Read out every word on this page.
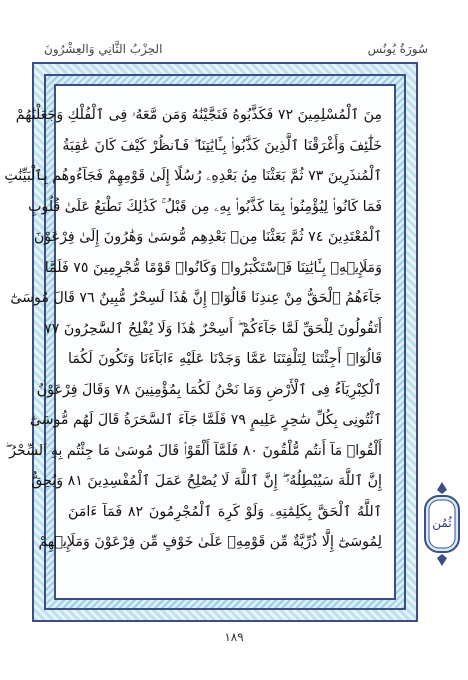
سُورَةُ يُونُس
الحِزْبُ الثَّانِي وَالعِشْرُونَ
مِنَ ٱلْمُسْلِمِينَ ٧٢ فَكَذَّبُوهُ فَنَجَّيْنَٰهُ وَمَن مَّعَهُۥ فِى ٱلْفُلْكِ وَجَعَلْنَٰهُمْ
خَلَٰٓئِفَ وَأَغْرَقْنَا ٱلَّذِينَ كَذَّبُوا۟ بِـَٔايَٰتِنَا ۖ فَٱنظُرْ كَيْفَ كَانَ عَٰقِبَةُ
ٱلْمُنذَرِينَ ٧٣ ثُمَّ بَعَثْنَا مِنۢ بَعْدِهِۦ رُسُلًا إِلَىٰ قَوْمِهِمْ فَجَآءُوهُم بِٱلْبَيِّنَٰتِ
فَمَا كَانُوا۟ لِيُؤْمِنُوا۟ بِمَا كَذَّبُوا۟ بِهِۦ مِن قَبْلُ ۚ كَذَٰلِكَ نَطْبَعُ عَلَىٰ قُلُوبِ
ٱلْمُعْتَدِينَ ٧٤ ثُمَّ بَعَثْنَا مِنۢ بَعْدِهِم مُّوسَىٰ وَهَٰرُونَ إِلَىٰ فِرْعَوْنَ
وَمَلَإِي۟هِۦ بِـَٔايَٰتِنَا فَٱسْتَكْبَرُوا۟ وَكَانُوا۟ قَوْمًا مُّجْرِمِينَ ٧٥ فَلَمَّا
جَآءَهُمُ ٱلْحَقُّ مِنْ عِندِنَا قَالُوٓا۟ إِنَّ هَٰذَا لَسِحْرٌ مُّبِينٌ ٧٦ قَالَ مُوسَىٰٓ
أَتَقُولُونَ لِلْحَقِّ لَمَّا جَآءَكُمْ ۖ أَسِحْرٌ هَٰذَا وَلَا يُفْلِحُ ٱلسَّٰحِرُونَ ٧٧
قَالُوٓا۟ أَجِئْتَنَا لِتَلْفِتَنَا عَمَّا وَجَدْنَا عَلَيْهِ ءَابَآءَنَا وَتَكُونَ لَكُمَا
ٱلْكِبْرِيَآءُ فِى ٱلْأَرْضِ وَمَا نَحْنُ لَكُمَا بِمُؤْمِنِينَ ٧٨ وَقَالَ فِرْعَوْنُ
ٱئْتُونِى بِكُلِّ سَٰحِرٍ عَلِيمٍ ٧٩ فَلَمَّا جَآءَ ٱلسَّحَرَةُ قَالَ لَهُم مُّوسَىٰٓ
أَلْقُوا۟ مَآ أَنتُم مُّلْقُونَ ٨٠ فَلَمَّآ أَلْقَوْا۟ قَالَ مُوسَىٰ مَا جِئْتُم بِهِ ٱلسِّحْرُ ۖ
إِنَّ ٱللَّهَ سَيُبْطِلُهُۥٓ ۖ إِنَّ ٱللَّهَ لَا يُصْلِحُ عَمَلَ ٱلْمُفْسِدِينَ ٨١ وَيُحِقُّ
ٱللَّهُ ٱلْحَقَّ بِكَلِمَٰتِهِۦ وَلَوْ كَرِهَ ٱلْمُجْرِمُونَ ٨٢ فَمَآ ءَامَنَ
لِمُوسَىٰٓ إِلَّا ذُرِّيَّةٌ مِّن قَوْمِهِۦ عَلَىٰ خَوْفٍ مِّن فِرْعَوْنَ وَمَلَإِي۟هِمْ
ثُمُن
١٨٩
